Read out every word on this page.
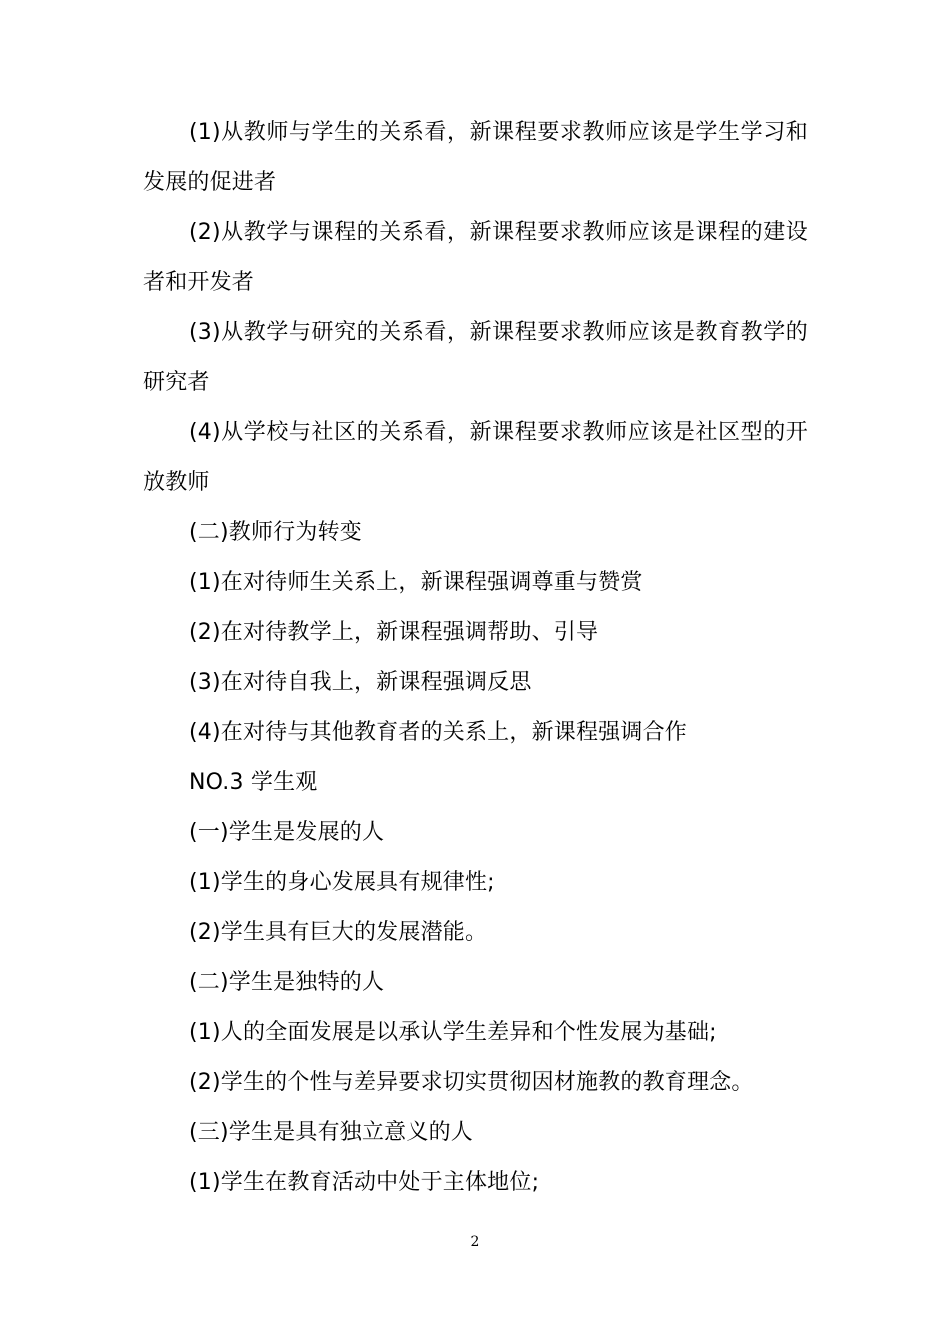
(1)从教师与学生的关系看，新课程要求教师应该是学生学习和发展的促进者

(2)从教学与课程的关系看，新课程要求教师应该是课程的建设者和开发者

(3)从教学与研究的关系看，新课程要求教师应该是教育教学的研究者

(4)从学校与社区的关系看，新课程要求教师应该是社区型的开放教师

(二)教师行为转变

(1)在对待师生关系上，新课程强调尊重与赞赏

(2)在对待教学上，新课程强调帮助、引导

(3)在对待自我上，新课程强调反思

(4)在对待与其他教育者的关系上，新课程强调合作

NO.3 学生观

(一)学生是发展的人

(1)学生的身心发展具有规律性;

(2)学生具有巨大的发展潜能。

(二)学生是独特的人

(1)人的全面发展是以承认学生差异和个性发展为基础;

(2)学生的个性与差异要求切实贯彻因材施教的教育理念。

(三)学生是具有独立意义的人

(1)学生在教育活动中处于主体地位;

2
